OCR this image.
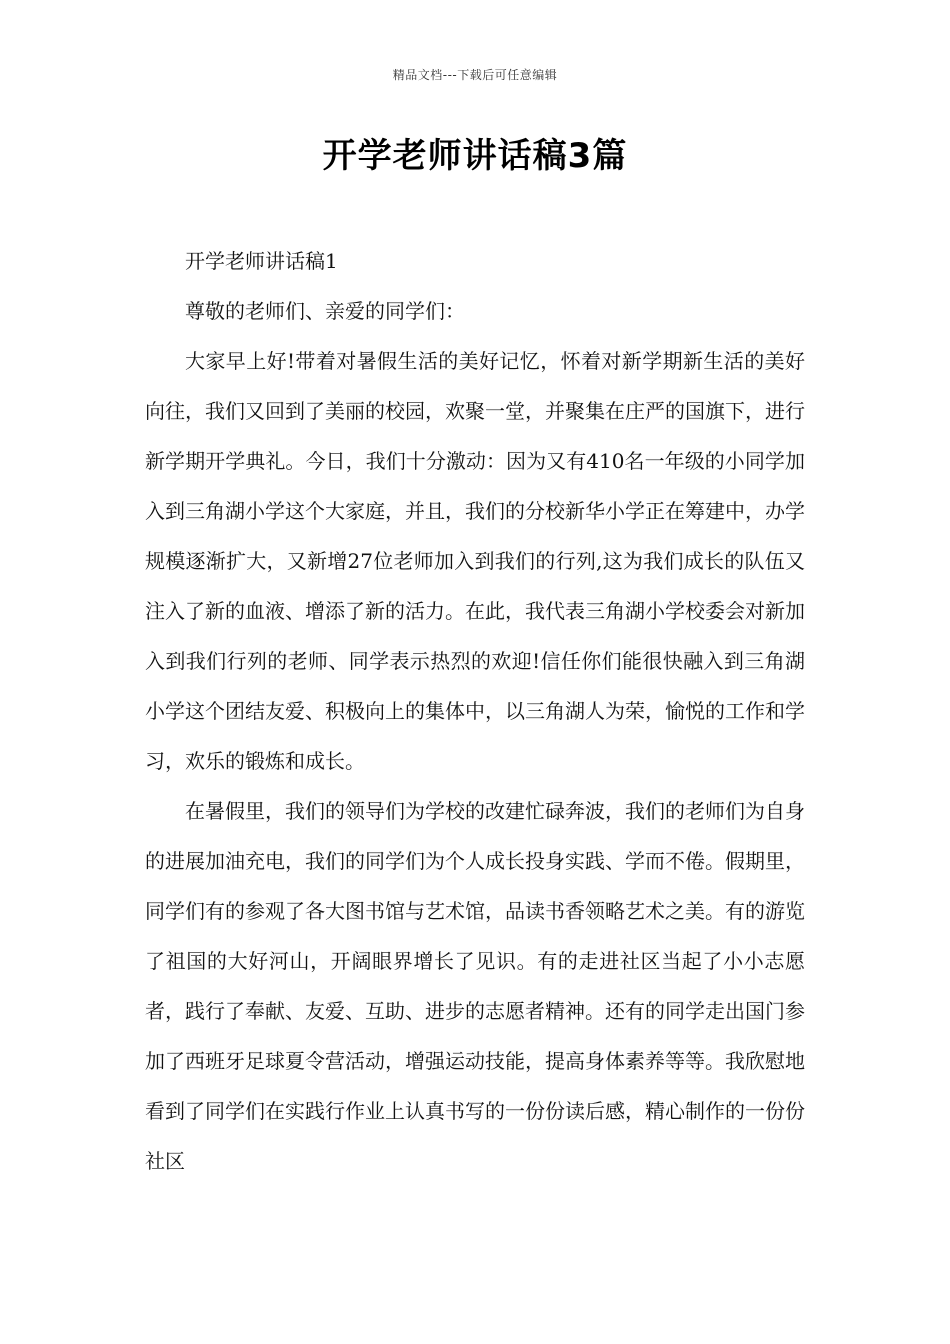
精品文档---下载后可任意编辑
开学老师讲话稿3篇

开学老师讲话稿1

尊敬的老师们、亲爱的同学们：

大家早上好!带着对暑假生活的美好记忆，怀着对新学期新生活的美好向往，我们又回到了美丽的校园，欢聚一堂，并聚集在庄严的国旗下，进行新学期开学典礼。今日，我们十分激动：因为又有410名一年级的小同学加入到三角湖小学这个大家庭，并且，我们的分校新华小学正在筹建中，办学规模逐渐扩大，又新增27位老师加入到我们的行列,这为我们成长的队伍又注入了新的血液、增添了新的活力。在此，我代表三角湖小学校委会对新加入到我们行列的老师、同学表示热烈的欢迎!信任你们能很快融入到三角湖小学这个团结友爱、积极向上的集体中，以三角湖人为荣，愉悦的工作和学习，欢乐的锻炼和成长。

在暑假里，我们的领导们为学校的改建忙碌奔波，我们的老师们为自身的进展加油充电，我们的同学们为个人成长投身实践、学而不倦。假期里，同学们有的参观了各大图书馆与艺术馆，品读书香领略艺术之美。有的游览了祖国的大好河山，开阔眼界增长了见识。有的走进社区当起了小小志愿者，践行了奉献、友爱、互助、进步的志愿者精神。还有的同学走出国门参加了西班牙足球夏令营活动，增强运动技能，提高身体素养等等。我欣慰地看到了同学们在实践行作业上认真书写的一份份读后感，精心制作的一份份社区
